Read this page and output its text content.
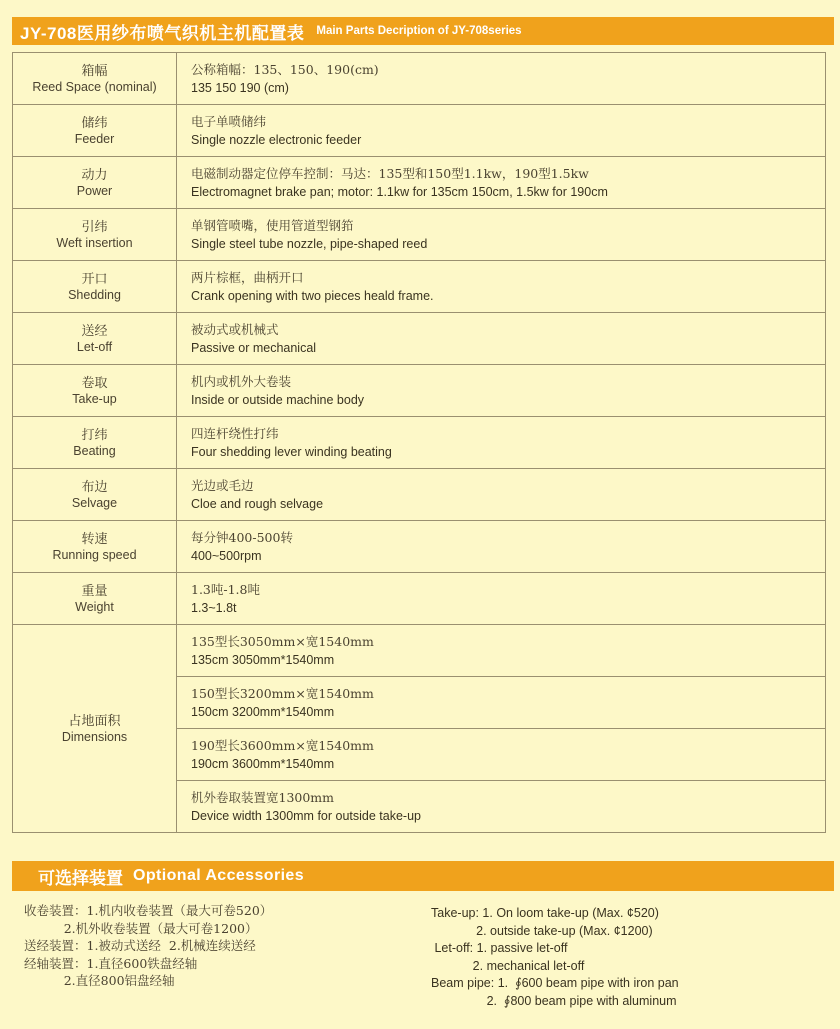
JY-708医用纱布喷气织机主机配置表 Main Parts Decription of JY-708series
箱幅
Reed Space (nominal)	公称箱幅：135、150、190(cm)
135 150 190 (cm)

储纬
Feeder	电子单喷储纬
Single nozzle electronic feeder

动力
Power	电磁制动器定位停车控制：马达：135型和150型1.1kw，190型1.5kw
Electromagnet brake pan; motor: 1.1kw for 135cm 150cm, 1.5kw for 190cm

引纬
Weft insertion	单钢管喷嘴，使用管道型钢筘
Single steel tube nozzle, pipe-shaped reed

开口
Shedding	两片棕框，曲柄开口
Crank opening with two pieces heald frame.

送经
Let-off	被动式或机械式
Passive or mechanical

卷取
Take-up	机内或机外大卷装
Inside or outside machine body

打纬
Beating	四连杆绕性打纬
Four shedding lever winding beating

布边
Selvage	光边或毛边
Cloe and rough selvage

转速
Running speed	每分钟400-500转
400~500rpm

重量
Weight	1.3吨-1.8吨
1.3~1.8t

占地面积
Dimensions	135型长3050mm×宽1540mm
135cm 3050mm*1540mm

	150型长3200mm×宽1540mm
150cm 3200mm*1540mm

	190型长3600mm×宽1540mm
190cm 3600mm*1540mm

	机外卷取装置宽1300mm
Device width 1300mm for outside take-up
可选择装置 Optional Accessories
收卷装置：1.机内收卷装置（最大可卷520）
2.机外收卷装置（最大可卷1200）
送经装置：1.被动式送经  2.机械连续送经
经轴装置：1.直径600铁盘经轴
2.直径800铝盘经轴
Take-up: 1. On loom take-up (Max. ¢520)
2. outside take-up (Max. ¢1200)
Let-off: 1. passive let-off
2. mechanical let-off
Beam pipe: 1.  ∮600 beam pipe with iron pan
2.  ∮800 beam pipe with aluminum
